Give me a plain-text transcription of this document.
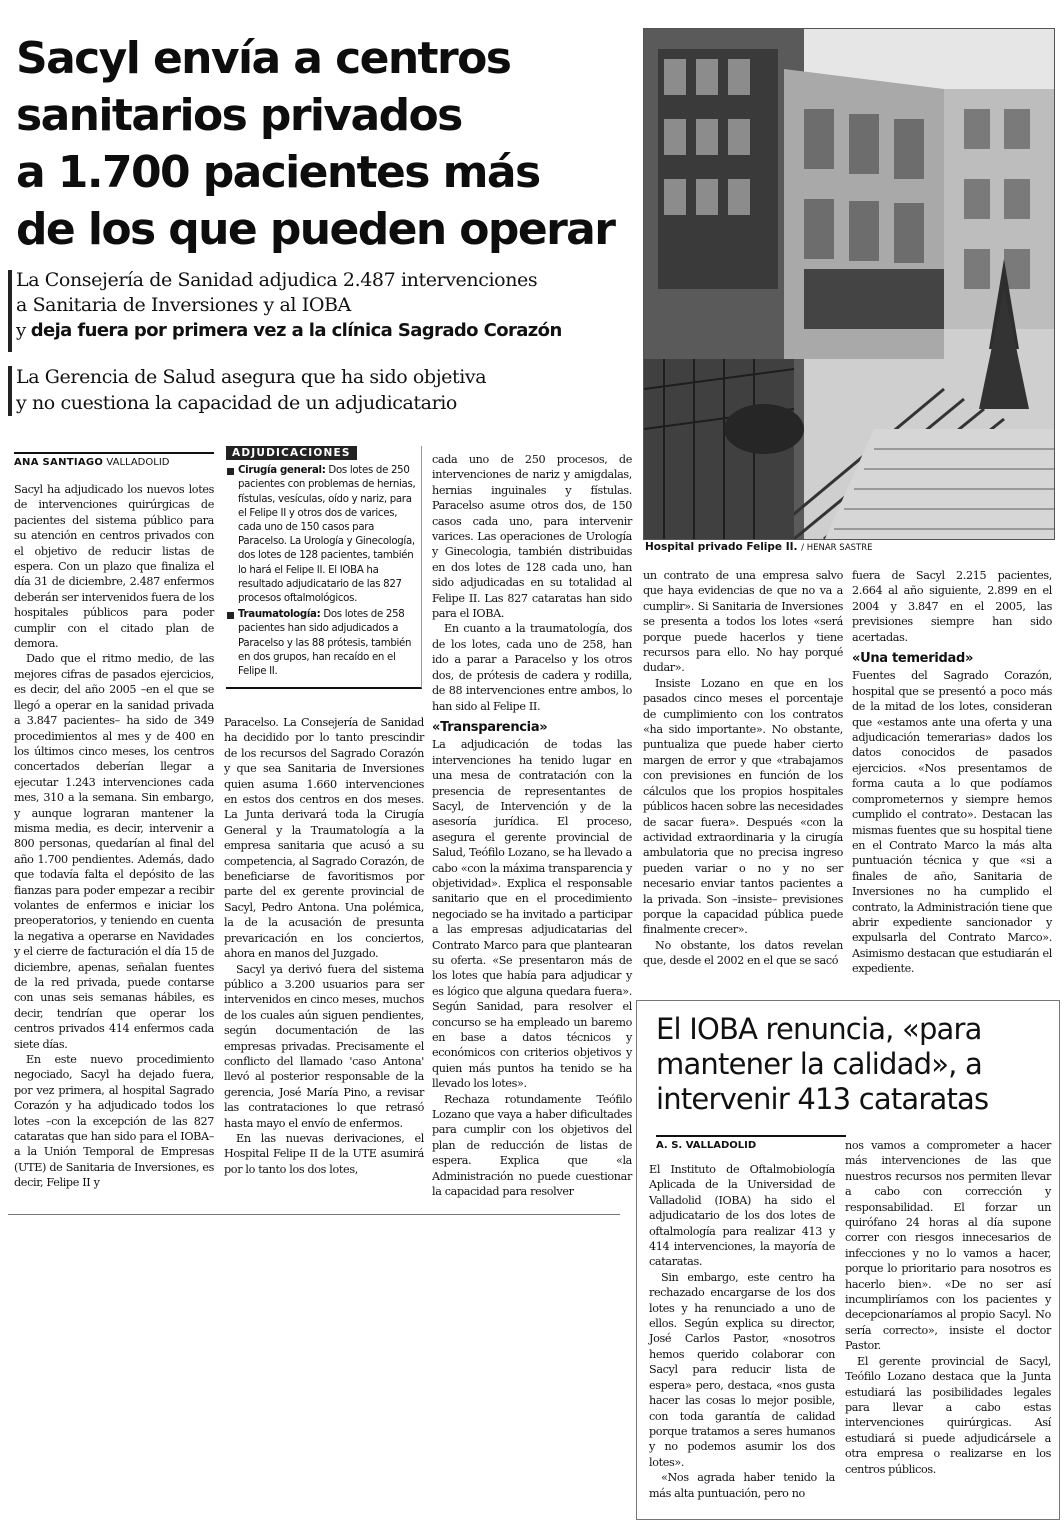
Sacyl envía a centros
sanitarios privados
a 1.700 pacientes más
de los que pueden operar
La Consejería de Sanidad adjudica 2.487 intervenciones
a Sanitaria de Inversiones y al IOBA
y deja fuera por primera vez a la clínica Sagrado Corazón
La Gerencia de Salud asegura que ha sido objetiva
y no cuestiona la capacidad de un adjudicatario
Hospital privado Felipe II. / HENAR SASTRE
ANA SANTIAGO VALLADOLID

Sacyl ha adjudicado los nuevos lotes de intervenciones quirúrgicas de pacientes del sistema público para su atención en centros privados con el objetivo de reducir listas de espera. Con un plazo que finaliza el día 31 de diciembre, 2.487 enfermos deberán ser intervenidos fuera de los hospitales públicos para poder cumplir con el citado plan de demora.

Dado que el ritmo medio, de las mejores cifras de pasados ejercicios, es decir, del año 2005 –en el que se llegó a operar en la sanidad privada a 3.847 pacientes– ha sido de 349 procedimientos al mes y de 400 en los últimos cinco meses, los centros concertados deberían llegar a ejecutar 1.243 intervenciones cada mes, 310 a la semana. Sin embargo, y aunque lograran mantener la misma media, es decir, intervenir a 800 personas, quedarían al final del año 1.700 pendientes. Además, dado que todavía falta el depósito de las fianzas para poder empezar a recibir volantes de enfermos e iniciar los preoperatorios, y teniendo en cuenta la negativa a operarse en Navidades y el cierre de facturación el día 15 de diciembre, apenas, señalan fuentes de la red privada, puede contarse con unas seis semanas hábiles, es decir, tendrían que operar los centros privados 414 enfermos cada siete días.

En este nuevo procedimiento negociado, Sacyl ha dejado fuera, por vez primera, al hospital Sagrado Corazón y ha adjudicado todos los lotes –con la excepción de las 827 cataratas que han sido para el IOBA– a la Unión Temporal de Empresas (UTE) de Sanitaria de Inversiones, es decir, Felipe II y

ADJUDICACIONES
Cirugía general: Dos lotes de 250 pacientes con problemas de hernias, fístulas, vesículas, oído y nariz, para el Felipe II y otros dos de varices, cada uno de 150 casos para Paracelso. La Urología y Ginecología, dos lotes de 128 pacientes, también lo hará el Felipe II. El IOBA ha resultado adjudicatario de las 827 procesos oftalmológicos.
Traumatología: Dos lotes de 258 pacientes han sido adjudicados a Paracelso y las 88 prótesis, también en dos grupos, han recaído en el Felipe II.

Paracelso. La Consejería de Sanidad ha decidido por lo tanto prescindir de los recursos del Sagrado Corazón y que sea Sanitaria de Inversiones quien asuma 1.660 intervenciones en estos dos centros en dos meses. La Junta derivará toda la Cirugía General y la Traumatología a la empresa sanitaria que acusó a su competencia, al Sagrado Corazón, de beneficiarse de favoritismos por parte del ex gerente provincial de Sacyl, Pedro Antona. Una polémica, la de la acusación de presunta prevaricación en los conciertos, ahora en manos del Juzgado.

Sacyl ya derivó fuera del sistema público a 3.200 usuarios para ser intervenidos en cinco meses, muchos de los cuales aún siguen pendientes, según documentación de las empresas privadas. Precisamente el conflicto del llamado 'caso Antona' llevó al posterior responsable de la gerencia, José María Pino, a revisar las contrataciones lo que retrasó hasta mayo el envío de enfermos.

En las nuevas derivaciones, el Hospital Felipe II de la UTE asumirá por lo tanto los dos lotes,

cada uno de 250 procesos, de intervenciones de nariz y amigdalas, hernias inguinales y fístulas. Paracelso asume otros dos, de 150 casos cada uno, para intervenir varices. Las operaciones de Urología y Ginecologia, también distribuidas en dos lotes de 128 cada uno, han sido adjudicadas en su totalidad al Felipe II. Las 827 cataratas han sido para el IOBA.

En cuanto a la traumatología, dos de los lotes, cada uno de 258, han ido a parar a Paracelso y los otros dos, de prótesis de cadera y rodilla, de 88 intervenciones entre ambos, lo han sido al Felipe II.

«Transparencia»

La adjudicación de todas las intervenciones ha tenido lugar en una mesa de contratación con la presencia de representantes de Sacyl, de Intervención y de la asesoría jurídica. El proceso, asegura el gerente provincial de Salud, Teófilo Lozano, se ha llevado a cabo «con la máxima transparencia y objetividad». Explica el responsable sanitario que en el procedimiento negociado se ha invitado a participar a las empresas adjudicatarias del Contrato Marco para que plantearan su oferta. «Se presentaron más de los lotes que había para adjudicar y es lógico que alguna quedara fuera». Según Sanidad, para resolver el concurso se ha empleado un baremo en base a datos técnicos y económicos con criterios objetivos y quien más puntos ha tenido se ha llevado los lotes».

Rechaza rotundamente Teófilo Lozano que vaya a haber dificultades para cumplir con los objetivos del plan de reducción de listas de espera. Explica que «la Administración no puede cuestionar la capacidad para resolver

un contrato de una empresa salvo que haya evidencias de que no va a cumplir». Si Sanitaria de Inversiones se presenta a todos los lotes «será porque puede hacerlos y tiene recursos para ello. No hay porqué dudar».

Insiste Lozano en que en los pasados cinco meses el porcentaje de cumplimiento con los contratos «ha sido importante». No obstante, puntualiza que puede haber cierto margen de error y que «trabajamos con previsiones en función de los cálculos que los propios hospitales públicos hacen sobre las necesidades de sacar fuera». Después «con la actividad extraordinaria y la cirugía ambulatoria que no precisa ingreso pueden variar o no y no ser necesario enviar tantos pacientes a la privada. Son –insiste– previsiones porque la capacidad pública puede finalmente crecer».

No obstante, los datos revelan que, desde el 2002 en el que se sacó

fuera de Sacyl 2.215 pacientes, 2.664 al año siguiente, 2.899 en el 2004 y 3.847 en el 2005, las previsiones siempre han sido acertadas.

«Una temeridad»

Fuentes del Sagrado Corazón, hospital que se presentó a poco más de la mitad de los lotes, consideran que «estamos ante una oferta y una adjudicación temerarias» dados los datos conocidos de pasados ejercicios. «Nos presentamos de forma cauta a lo que podíamos comprometernos y siempre hemos cumplido el contrato». Destacan las mismas fuentes que su hospital tiene en el Contrato Marco la más alta puntuación técnica y que «si a finales de año, Sanitaria de Inversiones no ha cumplido el contrato, la Administración tiene que abrir expediente sancionador y expulsarla del Contrato Marco». Asimismo destacan que estudiarán el expediente.

El IOBA renuncia, «para
mantener la calidad», a
intervenir 413 cataratas
A. S. VALLADOLID

El Instituto de Oftalmobiología Aplicada de la Universidad de Valladolid (IOBA) ha sido el adjudicatario de los dos lotes de oftalmología para realizar 413 y 414 intervenciones, la mayoría de cataratas.

Sin embargo, este centro ha rechazado encargarse de los dos lotes y ha renunciado a uno de ellos. Según explica su director, José Carlos Pastor, «nosotros hemos querido colaborar con Sacyl para reducir lista de espera» pero, destaca, «nos gusta hacer las cosas lo mejor posible, con toda garantía de calidad porque tratamos a seres humanos y no podemos asumir los dos lotes».

«Nos agrada haber tenido la más alta puntuación, pero no

nos vamos a comprometer a hacer más intervenciones de las que nuestros recursos nos permiten llevar a cabo con corrección y responsabilidad. El forzar un quirófano 24 horas al día supone correr con riesgos innecesarios de infecciones y no lo vamos a hacer, porque lo prioritario para nosotros es hacerlo bien». «De no ser así incumpliríamos con los pacientes y decepcionaríamos al propio Sacyl. No sería correcto», insiste el doctor Pastor.

El gerente provincial de Sacyl, Teófilo Lozano destaca que la Junta estudiará las posibilidades legales para llevar a cabo estas intervenciones quirúrgicas. Así estudiará si puede adjudicársele a otra empresa o realizarse en los centros públicos.
